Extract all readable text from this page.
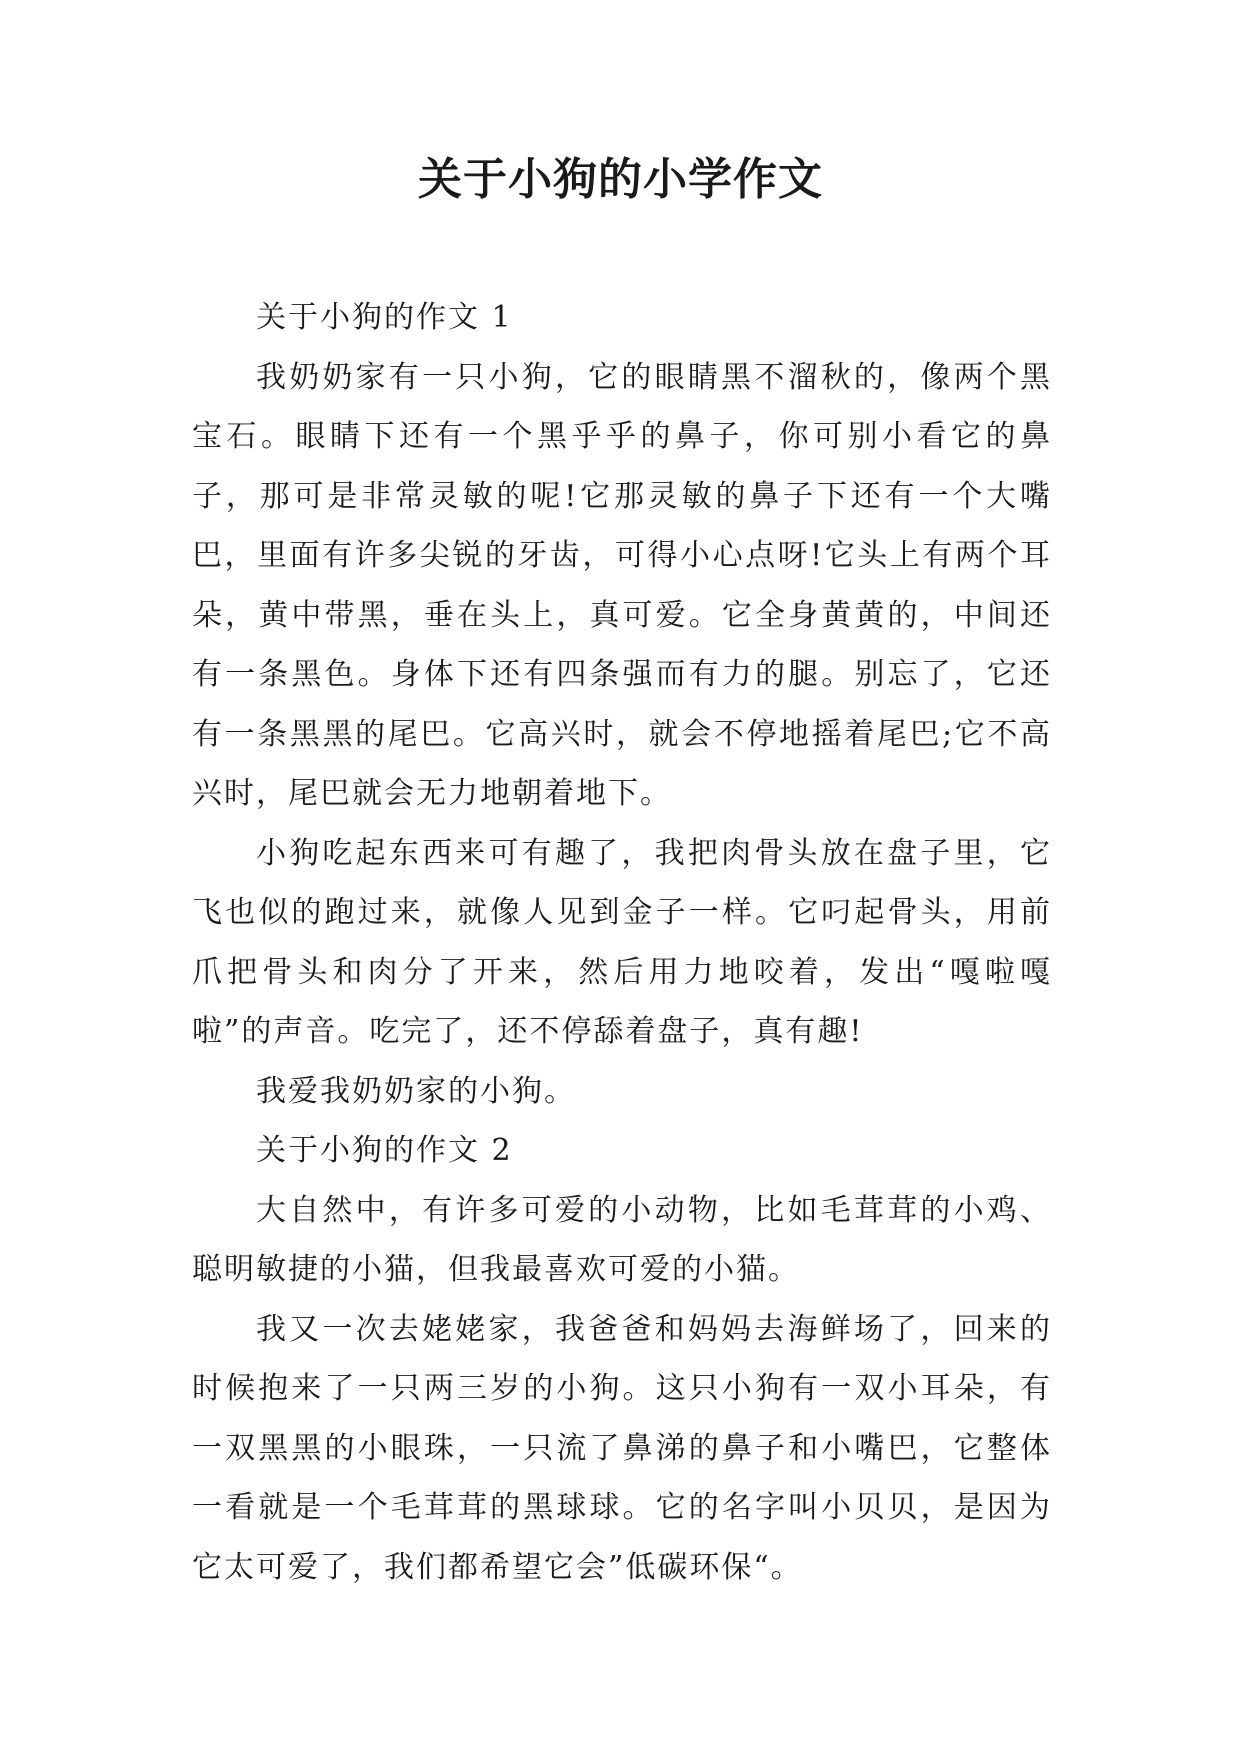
关于小狗的小学作文

关于小狗的作文 1

我奶奶家有一只小狗，它的眼睛黑不溜秋的，像两个黑宝石。眼睛下还有一个黑乎乎的鼻子，你可别小看它的鼻子，那可是非常灵敏的呢!它那灵敏的鼻子下还有一个大嘴巴，里面有许多尖锐的牙齿，可得小心点呀!它头上有两个耳朵，黄中带黑，垂在头上，真可爱。它全身黄黄的，中间还有一条黑色。身体下还有四条强而有力的腿。别忘了，它还有一条黑黑的尾巴。它高兴时，就会不停地摇着尾巴;它不高兴时，尾巴就会无力地朝着地下。

小狗吃起东西来可有趣了，我把肉骨头放在盘子里，它飞也似的跑过来，就像人见到金子一样。它叼起骨头，用前爪把骨头和肉分了开来，然后用力地咬着，发出“嘎啦嘎啦”的声音。吃完了，还不停舔着盘子，真有趣!

我爱我奶奶家的小狗。

关于小狗的作文 2

大自然中，有许多可爱的小动物，比如毛茸茸的小鸡、聪明敏捷的小猫，但我最喜欢可爱的小猫。

我又一次去姥姥家，我爸爸和妈妈去海鲜场了，回来的时候抱来了一只两三岁的小狗。这只小狗有一双小耳朵，有一双黑黑的小眼珠，一只流了鼻涕的鼻子和小嘴巴，它整体一看就是一个毛茸茸的黑球球。它的名字叫小贝贝，是因为它太可爱了，我们都希望它会”低碳环保“。
